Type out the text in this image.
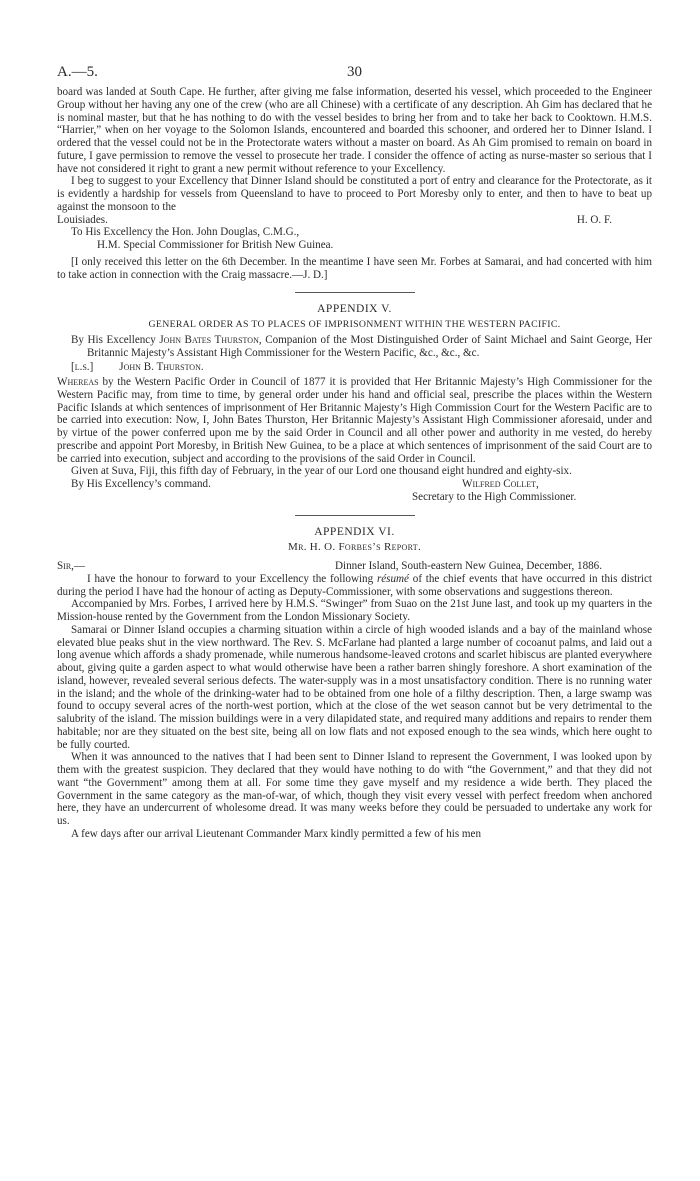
A.—5.	30

board was landed at South Cape. He further, after giving me false information, deserted his vessel, which proceeded to the Engineer Group without her having any one of the crew (who are all Chinese) with a certificate of any description. Ah Gim has declared that he is nominal master, but that he has nothing to do with the vessel besides to bring her from and to take her back to Cooktown. H.M.S. “Harrier,” when on her voyage to the Solomon Islands, encountered and boarded this schooner, and ordered her to Dinner Island. I ordered that the vessel could not be in the Protectorate waters without a master on board. As Ah Gim promised to remain on board in future, I gave permission to remove the vessel to prosecute her trade. I consider the offence of acting as nurse-master so serious that I have not considered it right to grant a new permit without reference to your Excellency.

I beg to suggest to your Excellency that Dinner Island should be constituted a port of entry and clearance for the Protectorate, as it is evidently a hardship for vessels from Queensland to have to proceed to Port Moresby only to enter, and then to have to beat up against the monsoon to the

Louisiades.	H. O. F.

To His Excellency the Hon. John Douglas, C.M.G.,

H.M. Special Commissioner for British New Guinea.

[I only received this letter on the 6th December. In the meantime I have seen Mr. Forbes at Samarai, and had concerted with him to take action in connection with the Craig massacre.—J. D.]

APPENDIX V.
GENERAL ORDER AS TO PLACES OF IMPRISONMENT WITHIN THE WESTERN PACIFIC.

By His Excellency John Bates Thurston, Companion of the Most Distinguished Order of Saint Michael and Saint George, Her Britannic Majesty’s Assistant High Commissioner for the Western Pacific, &c., &c., &c.

[l.s.] John B. Thurston.

Whereas by the Western Pacific Order in Council of 1877 it is provided that Her Britannic Majesty’s High Commissioner for the Western Pacific may, from time to time, by general order under his hand and official seal, prescribe the places within the Western Pacific Islands at which sentences of imprisonment of Her Britannic Majesty’s High Commission Court for the Western Pacific are to be carried into execution: Now, I, John Bates Thurston, Her Britannic Majesty’s Assistant High Commissioner aforesaid, under and by virtue of the power conferred upon me by the said Order in Council and all other power and authority in me vested, do hereby prescribe and appoint Port Moresby, in British New Guinea, to be a place at which sentences of imprisonment of the said Court are to be carried into execution, subject and according to the provisions of the said Order in Council.

Given at Suva, Fiji, this fifth day of February, in the year of our Lord one thousand eight hundred and eighty-six.

By His Excellency’s command.	Wilfred Collet,
Secretary to the High Commissioner.
APPENDIX VI.
Mr. H. O. Forbes’s Report.
Sir,—	Dinner Island, South-eastern New Guinea, December, 1886.

I have the honour to forward to your Excellency the following résumé of the chief events that have occurred in this district during the period I have had the honour of acting as Deputy-Commissioner, with some observations and suggestions thereon.

Accompanied by Mrs. Forbes, I arrived here by H.M.S. “Swinger” from Suao on the 21st June last, and took up my quarters in the Mission-house rented by the Government from the London Missionary Society.

Samarai or Dinner Island occupies a charming situation within a circle of high wooded islands and a bay of the mainland whose elevated blue peaks shut in the view northward. The Rev. S. McFarlane had planted a large number of cocoanut palms, and laid out a long avenue which affords a shady promenade, while numerous handsome-leaved crotons and scarlet hibiscus are planted everywhere about, giving quite a garden aspect to what would otherwise have been a rather barren shingly foreshore. A short examination of the island, however, revealed several serious defects. The water-supply was in a most unsatisfactory condition. There is no running water in the island; and the whole of the drinking-water had to be obtained from one hole of a filthy description. Then, a large swamp was found to occupy several acres of the north-west portion, which at the close of the wet season cannot but be very detrimental to the salubrity of the island. The mission buildings were in a very dilapidated state, and required many additions and repairs to render them habitable; nor are they situated on the best site, being all on low flats and not exposed enough to the sea winds, which here ought to be fully courted.

When it was announced to the natives that I had been sent to Dinner Island to represent the Government, I was looked upon by them with the greatest suspicion. They declared that they would have nothing to do with “the Government,” and that they did not want “the Government” among them at all. For some time they gave myself and my residence a wide berth. They placed the Government in the same category as the man-of-war, of which, though they visit every vessel with perfect freedom when anchored here, they have an undercurrent of wholesome dread. It was many weeks before they could be persuaded to undertake any work for us.

A few days after our arrival Lieutenant Commander Marx kindly permitted a few of his men
